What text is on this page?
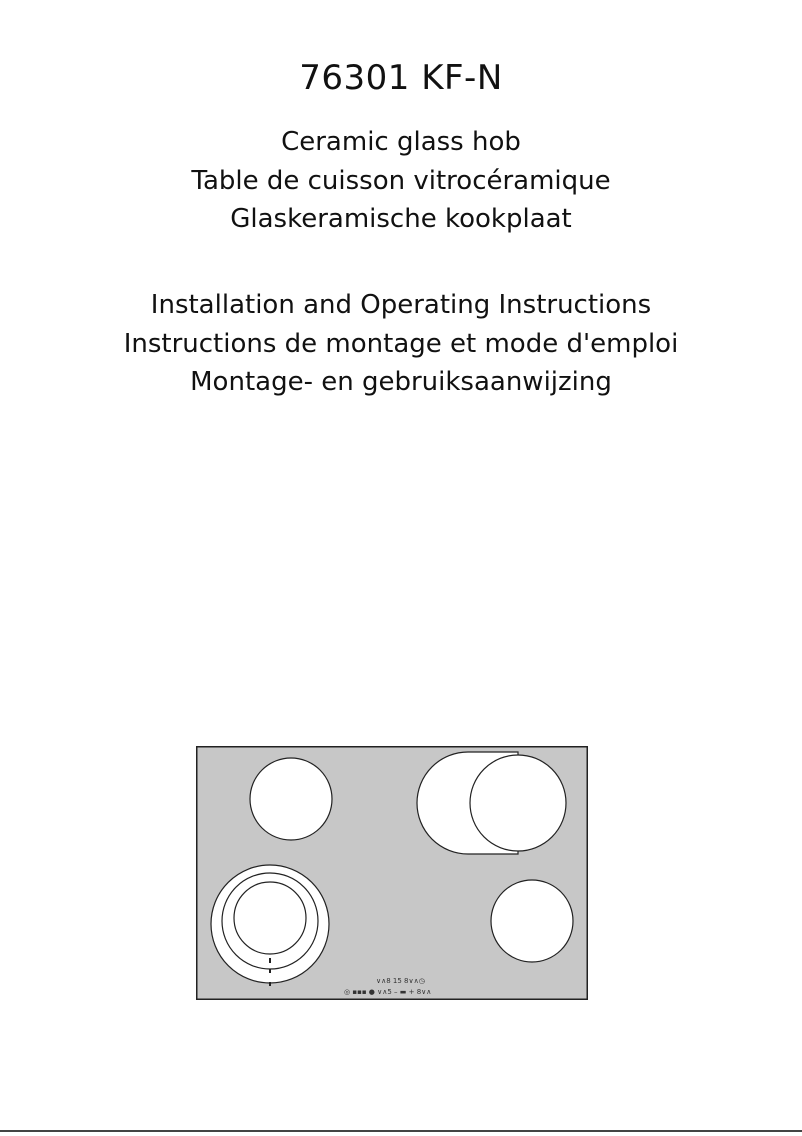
76301 KF-N
Ceramic glass hob
Table de cuisson vitrocéramique
Glaskeramische kookplaat
Installation and Operating Instructions
Instructions de montage et mode d'emploi
Montage- en gebruiksaanwijzing
∨∧8 15 8∨∧◷
◎ ▪▪▪ ● ∨∧5 – ▬ + 8∨∧
